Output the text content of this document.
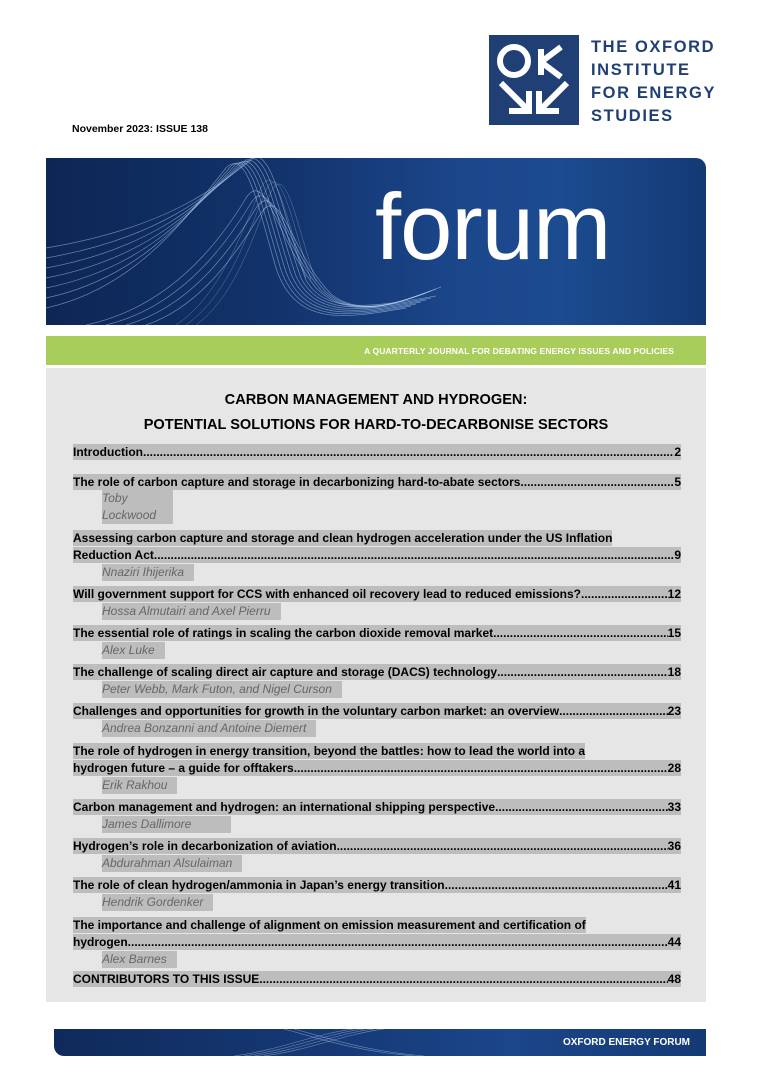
THE OXFORD
INSTITUTE
FOR ENERGY
STUDIES
November 2023: ISSUE 138
forum
A QUARTERLY JOURNAL FOR DEBATING ENERGY ISSUES AND POLICIES
CARBON MANAGEMENT AND HYDROGEN:
POTENTIAL SOLUTIONS FOR HARD-TO-DECARBONISE SECTORS
Introduction .....	2
The role of carbon capture and storage in decarbonizing hard-to-abate sectors .....	5
Toby Lockwood
Assessing carbon capture and storage and clean hydrogen acceleration under the US Inflation
Reduction Act .....	9
Nnaziri Ihijerika
Will government support for CCS with enhanced oil recovery lead to reduced emissions? .....	12
Hossa Almutairi and Axel Pierru
The essential role of ratings in scaling the carbon dioxide removal market .....	15
Alex Luke
The challenge of scaling direct air capture and storage (DACS) technology .....	18
Peter Webb, Mark Futon, and Nigel Curson
Challenges and opportunities for growth in the voluntary carbon market: an overview .....	23
Andrea Bonzanni and Antoine Diemert
The role of hydrogen in energy transition, beyond the battles: how to lead the world into a
hydrogen future – a guide for offtakers .....	28
Erik Rakhou
Carbon management and hydrogen: an international shipping perspective .....	33
James Dallimore
Hydrogen’s role in decarbonization of aviation .....	36
Abdurahman Alsulaiman
The role of clean hydrogen/ammonia in Japan’s energy transition .....	41
Hendrik Gordenker
The importance and challenge of alignment on emission measurement and certification of
hydrogen .....	44
Alex Barnes
CONTRIBUTORS TO THIS ISSUE .....	48
OXFORD ENERGY FORUM
